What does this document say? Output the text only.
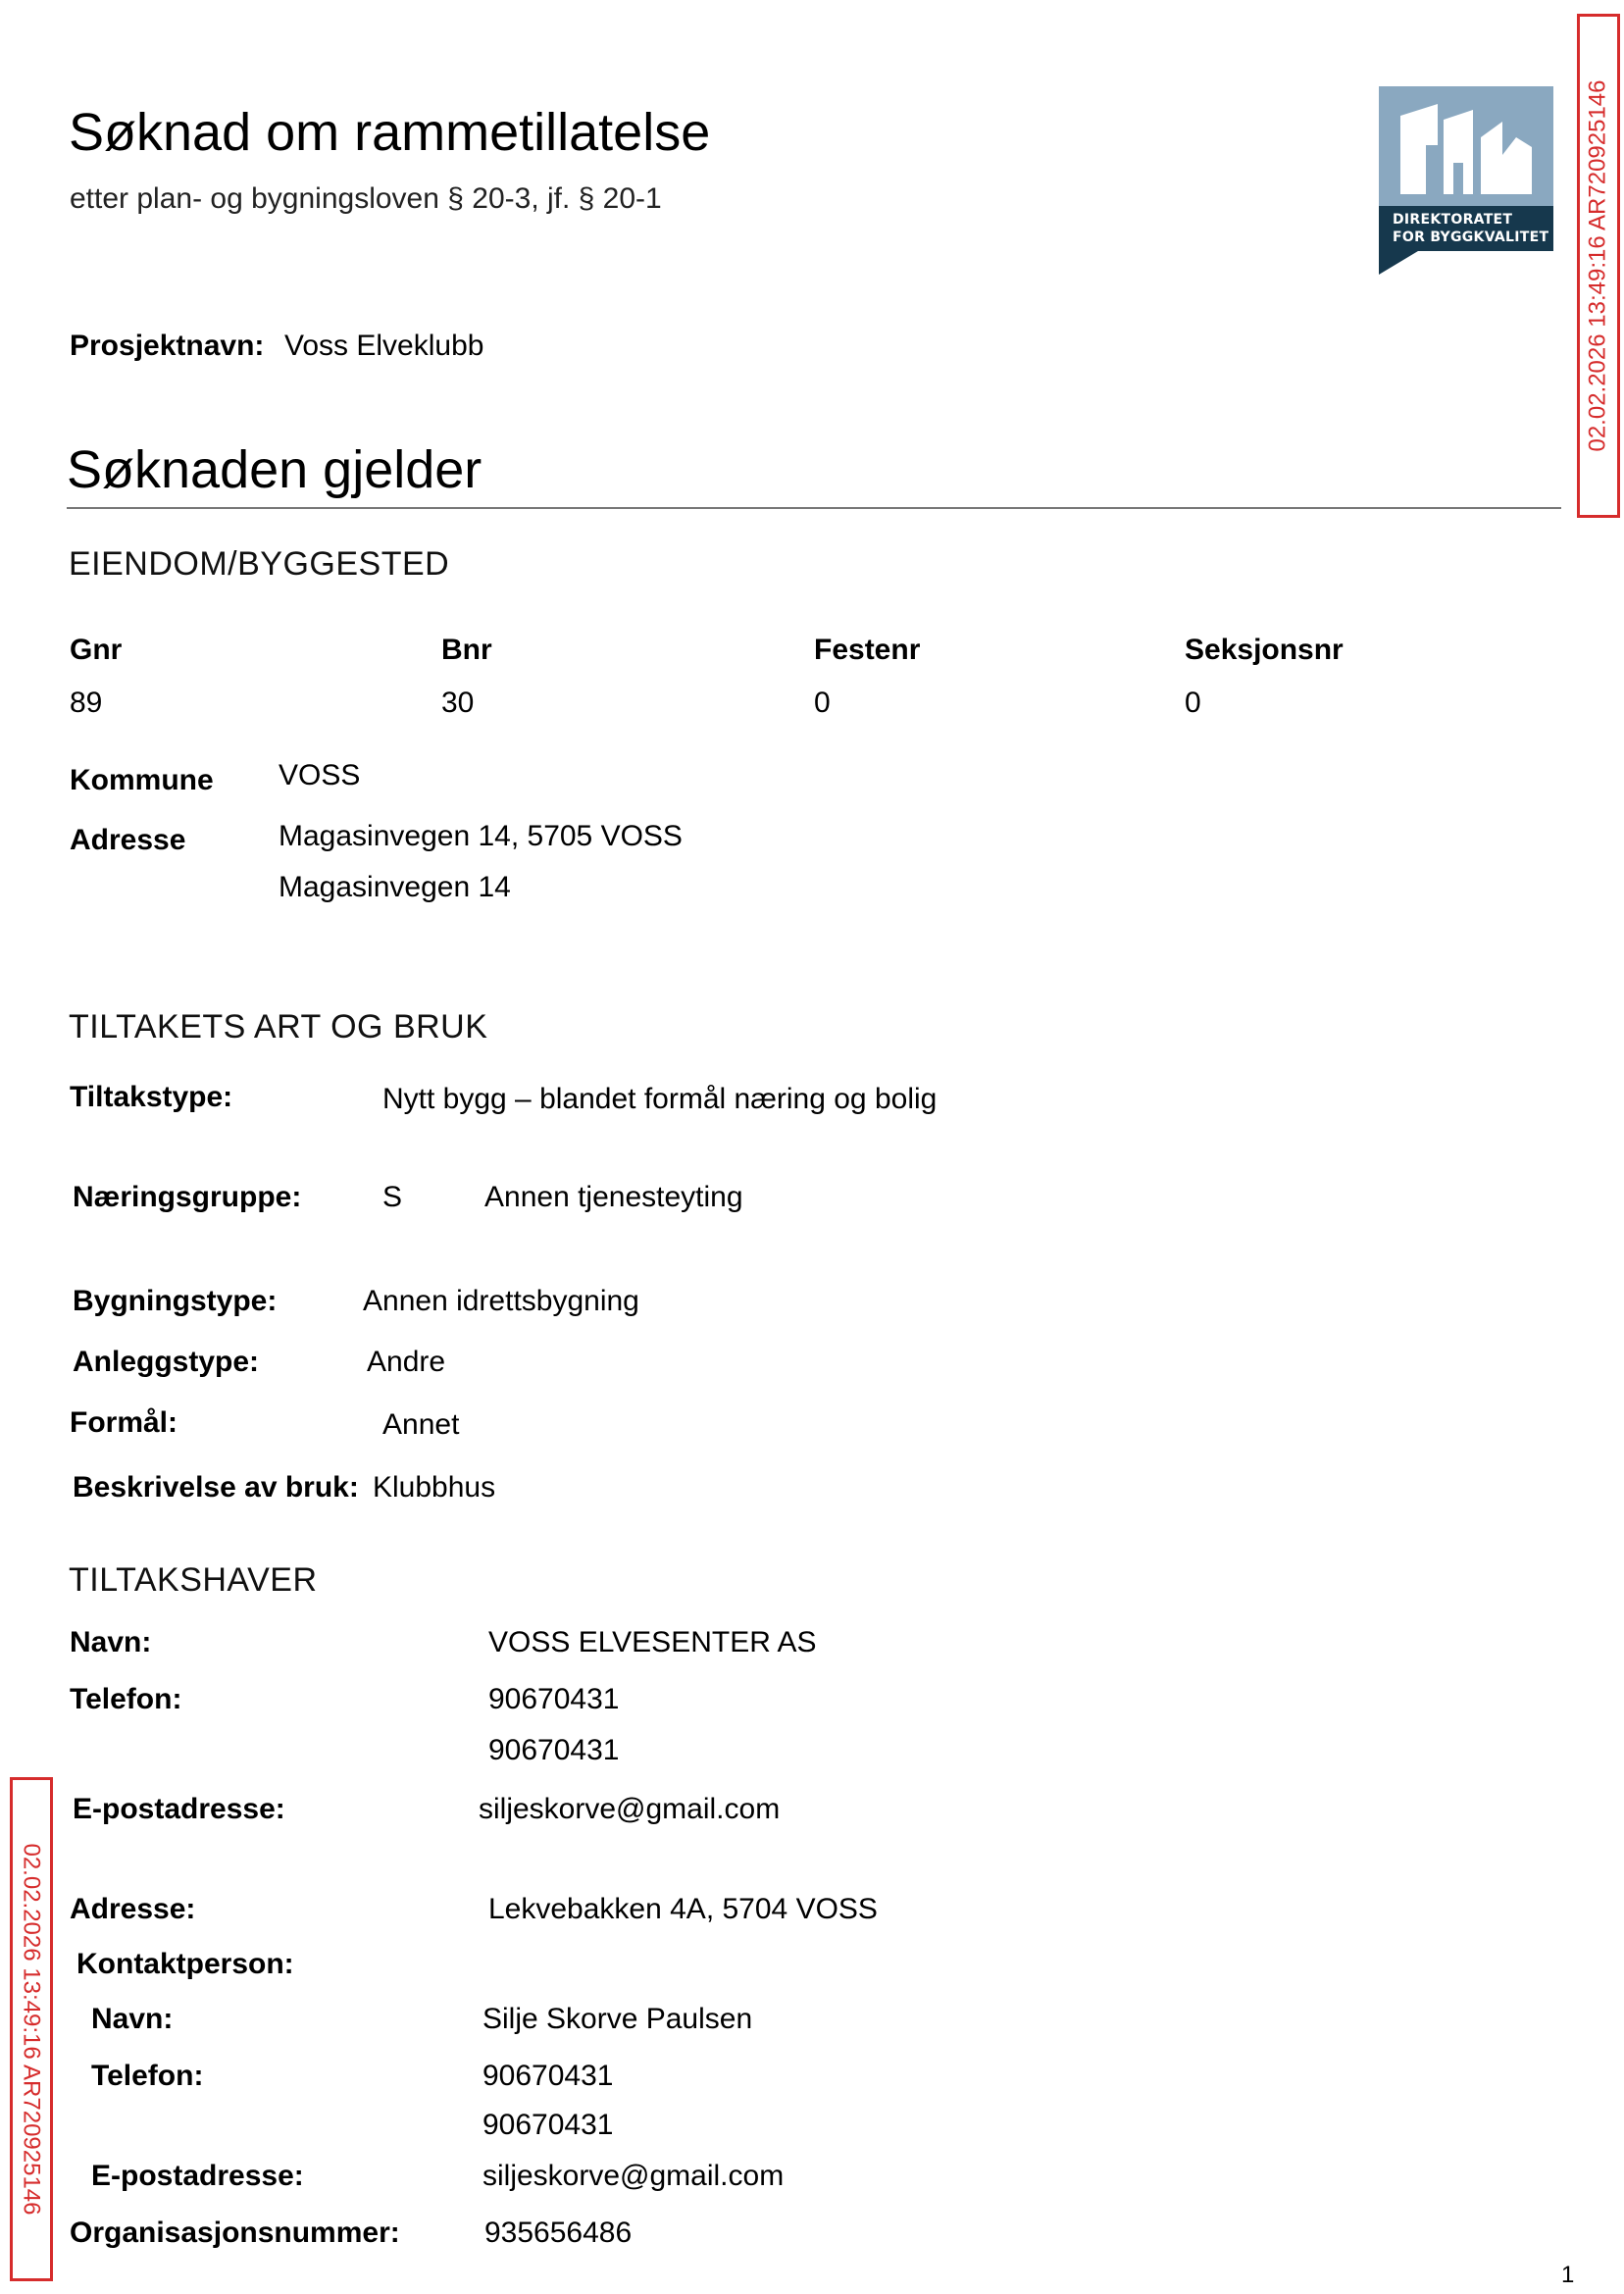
Søknad om rammetillatelse
etter plan- og bygningsloven § 20-3, jf. § 20-1
DIREKTORATET
FOR BYGGKVALITET 02.02.2026 13:49:16 AR720925146
02.02.2026 13:49:16 AR720925146
Prosjektnavn: Voss Elveklubb
Søknaden gjelder
EIENDOM/BYGGESTED
Gnr	Bnr	Festenr	Seksjonsnr
89	30	0	0
Kommune VOSS
Adresse	Magasinvegen 14, 5705 VOSS
Magasinvegen 14
TILTAKETS ART OG BRUK
Tiltakstype:	Nytt bygg – blandet formål næring og bolig
Næringsgruppe:	S	Annen tjenesteyting
Bygningstype:	Annen idrettsbygning
Anleggstype:	Andre
Formål:	Annet
Beskrivelse av bruk: Klubbhus
TILTAKSHAVER
Navn:	VOSS ELVESENTER AS
Telefon:	90670431
90670431
E-postadresse:	siljeskorve@gmail.com
Adresse:	Lekvebakken 4A, 5704 VOSS
Kontaktperson:
Navn:	Silje Skorve Paulsen
Telefon:	90670431
90670431
E-postadresse:	siljeskorve@gmail.com
Organisasjonsnummer:	935656486
1
